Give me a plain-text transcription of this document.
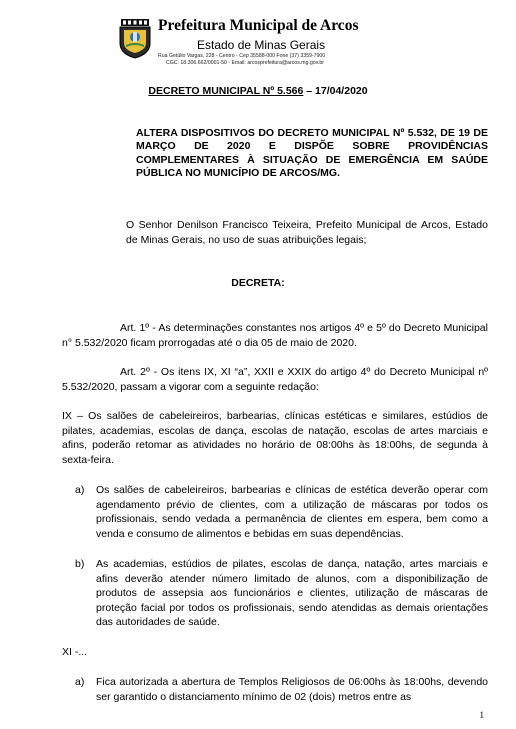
Prefeitura Municipal de Arcos
Estado de Minas Gerais
Rua Getúlio Vargas, 228 - Centro - Cep 35588-000 Fone (37) 3359-7900
CGC: 18.306.662/0001-50 - Email: arcosprefeitura@arcos.mg.gov.br
DECRETO MUNICIPAL Nº 5.566 – 17/04/2020
ALTERA DISPOSITIVOS DO DECRETO MUNICIPAL Nº 5.532, DE 19 DE MARÇO DE 2020 E DISPÕE SOBRE PROVIDÊNCIAS COMPLEMENTARES À SITUAÇÃO DE EMERGÊNCIA EM SAÚDE PÚBLICA NO MUNICÍPIO DE ARCOS/MG.
O Senhor Denilson Francisco Teixeira, Prefeito Municipal de Arcos, Estado de Minas Gerais, no uso de suas atribuições legais;
DECRETA:
Art. 1º - As determinações constantes nos artigos 4º e 5º do Decreto Municipal n° 5.532/2020 ficam prorrogadas até o dia 05 de maio de 2020.
Art. 2º - Os itens IX, XI “a”, XXII e XXIX do artigo 4º do Decreto Municipal nº 5.532/2020, passam a vigorar com a seguinte redação:
IX – Os salões de cabeleireiros, barbearias, clínicas estéticas e similares, estúdios de pilates, academias, escolas de dança, escolas de natação, escolas de artes marciais e afins, poderão retomar as atividades no horário de 08:00hs às 18:00hs, de segunda à sexta-feira.
a) Os salões de cabeleireiros, barbearias e clínicas de estética deverão operar com agendamento prévio de clientes, com a utilização de máscaras por todos os profissionais, sendo vedada a permanência de clientes em espera, bem como a venda e consumo de alimentos e bebidas em suas dependências.
b) As academias, estúdios de pilates, escolas de dança, natação, artes marciais e afins deverão atender número limitado de alunos, com a disponibilização de produtos de assepsia aos funcionários e clientes, utilização de máscaras de proteção facial por todos os profissionais, sendo atendidas as demais orientações das autoridades de saúde.
XI -...
a) Fica autorizada a abertura de Templos Religiosos de 06:00hs às 18:00hs, devendo ser garantido o distanciamento mínimo de 02 (dois) metros entre as
1
